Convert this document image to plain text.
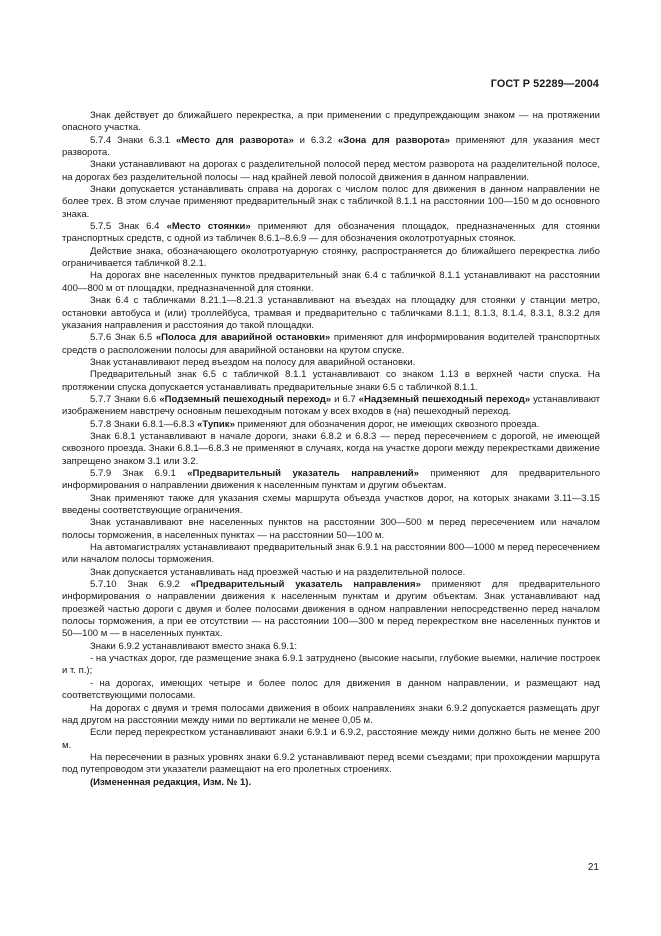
ГОСТ Р 52289—2004

Знак действует до ближайшего перекрестка, а при применении с предупреждающим знаком — на протяжении опасного участка.

5.7.4 Знаки 6.3.1 «Место для разворота» и 6.3.2 «Зона для разворота» применяют для указания мест разворота.

Знаки устанавливают на дорогах с разделительной полосой перед местом разворота на разделительной полосе, на дорогах без разделительной полосы — над крайней левой полосой движения в данном направлении.

Знаки допускается устанавливать справа на дорогах с числом полос для движения в данном направлении не более трех. В этом случае применяют предварительный знак с табличкой 8.1.1 на расстоянии 100—150 м до основного знака.

5.7.5 Знак 6.4 «Место стоянки» применяют для обозначения площадок, предназначенных для стоянки транспортных средств, с одной из табличек 8.6.1–8.6.9 — для обозначения околотротуарных стоянок.

Действие знака, обозначающего околотротуарную стоянку, распространяется до ближайшего перекрестка либо ограничивается табличкой 8.2.1.

На дорогах вне населенных пунктов предварительный знак 6.4 с табличкой 8.1.1 устанавливают на расстоянии 400—800 м от площадки, предназначенной для стоянки.

Знак 6.4 с табличками 8.21.1—8.21.3 устанавливают на въездах на площадку для стоянки у станции метро, остановки автобуса и (или) троллейбуса, трамвая и предварительно с табличками 8.1.1, 8.1.3, 8.1.4, 8.3.1, 8.3.2 для указания направления и расстояния до такой площадки.

5.7.6 Знак 6.5 «Полоса для аварийной остановки» применяют для информирования водителей транспортных средств о расположении полосы для аварийной остановки на крутом спуске.

Знак устанавливают перед въездом на полосу для аварийной остановки.

Предварительный знак 6.5 с табличкой 8.1.1 устанавливают со знаком 1.13 в верхней части спуска. На протяжении спуска допускается устанавливать предварительные знаки 6.5 с табличкой 8.1.1.

5.7.7 Знаки 6.6 «Подземный пешеходный переход» и 6.7 «Надземный пешеходный переход» устанавливают изображением навстречу основным пешеходным потокам у всех входов в (на) пешеходный переход.

5.7.8 Знаки 6.8.1—6.8.3 «Тупик» применяют для обозначения дорог, не имеющих сквозного проезда.

Знак 6.8.1 устанавливают в начале дороги, знаки 6.8.2 и 6.8.3 — перед пересечением с дорогой, не имеющей сквозного проезда. Знаки 6.8.1—6.8.3 не применяют в случаях, когда на участке дороги между перекрестками движение запрещено знаком 3.1 или 3.2.

5.7.9 Знак 6.9.1 «Предварительный указатель направлений» применяют для предварительного информирования о направлении движения к населенным пунктам и другим объектам.

Знак применяют также для указания схемы маршрута объезда участков дорог, на которых знаками 3.11—3.15 введены соответствующие ограничения.

Знак устанавливают вне населенных пунктов на расстоянии 300—500 м перед пересечением или началом полосы торможения, в населенных пунктах — на расстоянии 50—100 м.

На автомагистралях устанавливают предварительный знак 6.9.1 на расстоянии 800—1000 м перед пересечением или началом полосы торможения.

Знак допускается устанавливать над проезжей частью и на разделительной полосе.

5.7.10 Знак 6.9.2 «Предварительный указатель направления» применяют для предварительного информирования о направлении движения к населенным пунктам и другим объектам. Знак устанавливают над проезжей частью дороги с двумя и более полосами движения в одном направлении непосредственно перед началом полосы торможения, а при ее отсутствии — на расстоянии 100—300 м перед перекрестком вне населенных пунктов и 50—100 м — в населенных пунктах.

Знаки 6.9.2 устанавливают вместо знака 6.9.1:

- на участках дорог, где размещение знака 6.9.1 затруднено (высокие насыпи, глубокие выемки, наличие построек и т. п.);

- на дорогах, имеющих четыре и более полос для движения в данном направлении, и размещают над соответствующими полосами.

На дорогах с двумя и тремя полосами движения в обоих направлениях знаки 6.9.2 допускается размещать друг над другом на расстоянии между ними по вертикали не менее 0,05 м.

Если перед перекрестком устанавливают знаки 6.9.1 и 6.9.2, расстояние между ними должно быть не менее 200 м.

На пересечении в разных уровнях знаки 6.9.2 устанавливают перед всеми съездами; при прохождении маршрута под путепроводом эти указатели размещают на его пролетных строениях.

(Измененная редакция, Изм. № 1).

21
